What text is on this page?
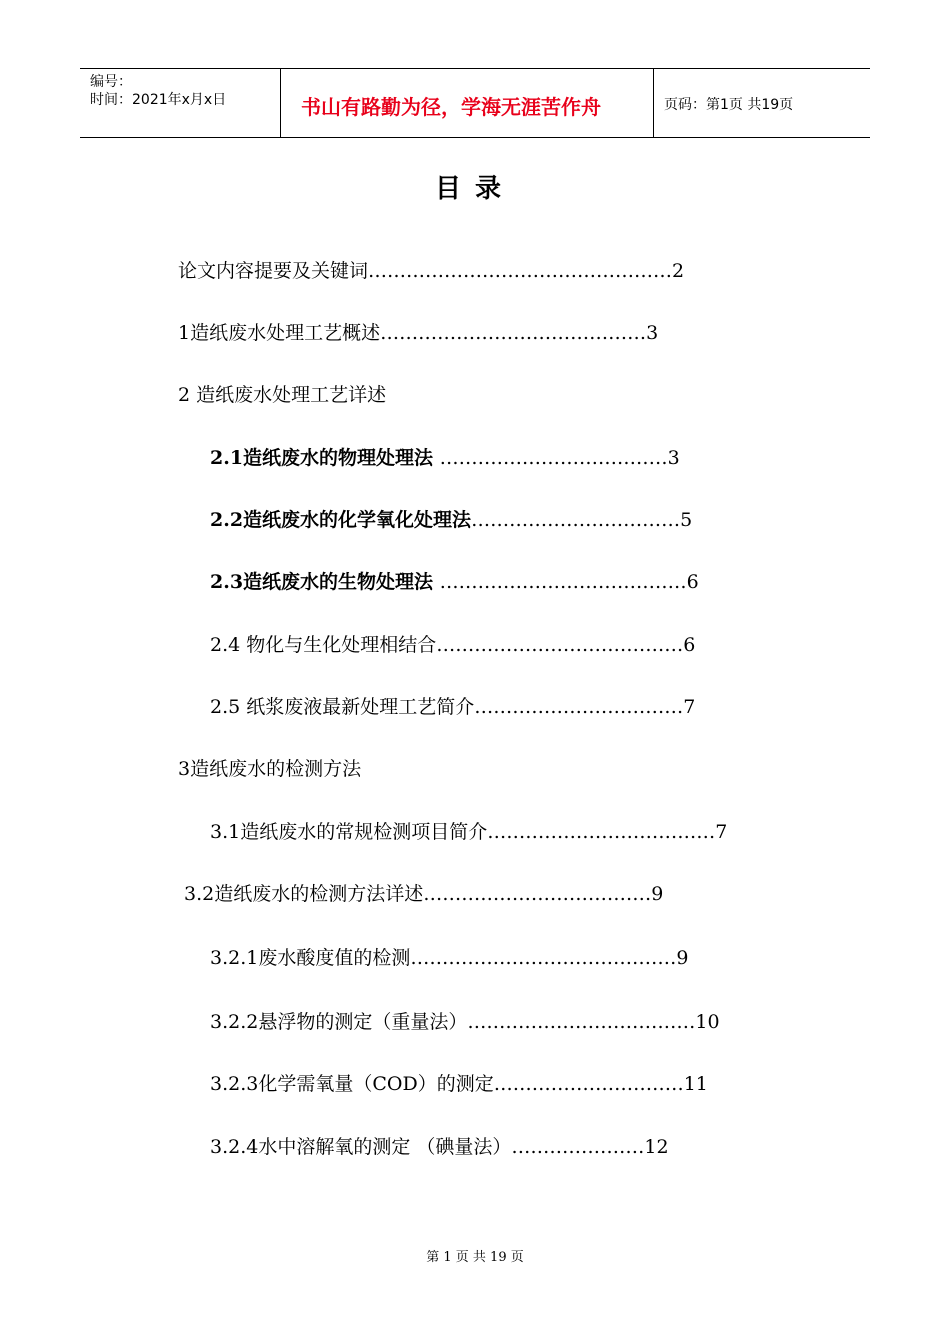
编号：
时间：2021年x月x日	书山有路勤为径，学海无涯苦作舟	页码：第1页 共19页
目录
论文内容提要及关键词…………………………………………2
1造纸废水处理工艺概述……………………………………3
2 造纸废水处理工艺详述
2.1造纸废水的物理处理法 ………………………………3
2.2造纸废水的化学氧化处理法……………………………5
2.3造纸废水的生物处理法 …………………………………6
2.4 物化与生化处理相结合…………………………………6
2.5 纸浆废液最新处理工艺简介……………………………7
3造纸废水的检测方法
3.1造纸废水的常规检测项目简介………………………………7
3.2造纸废水的检测方法详述………………………………9
3.2.1废水酸度值的检测……………………………………9
3.2.2悬浮物的测定（重量法）………………………………10
3.2.3化学需氧量（COD）的测定…………………………11
3.2.4水中溶解氧的测定 （碘量法）…………………12
第 1 页 共 19 页
